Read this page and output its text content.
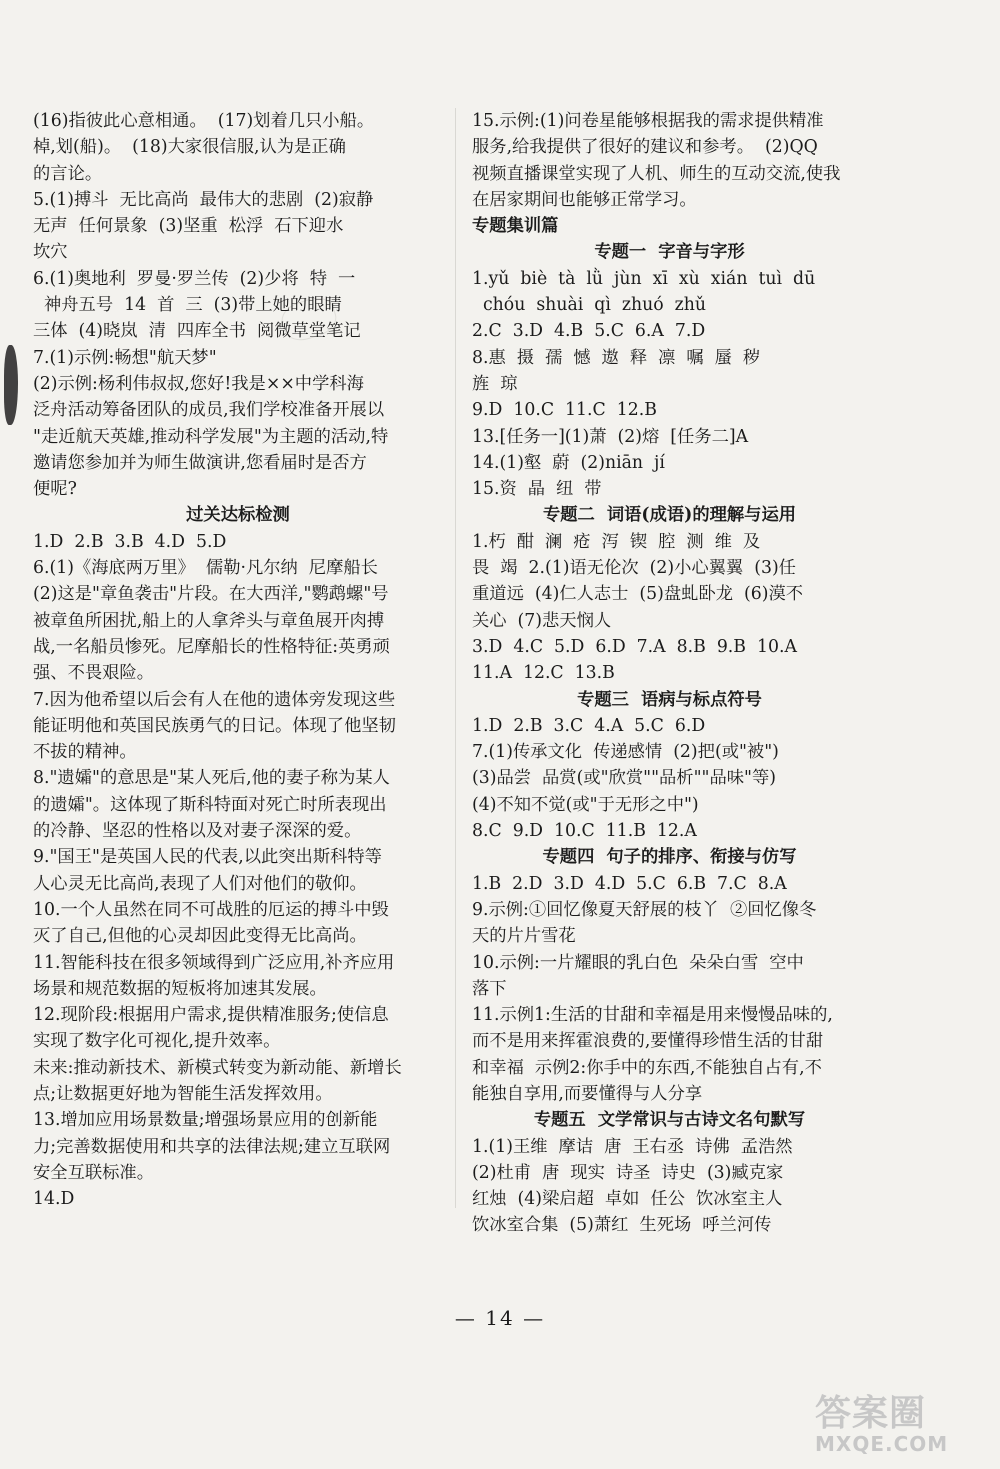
(16)指彼此心意相通。  (17)划着几只小船。
棹,划(船)。  (18)大家很信服,认为是正确
的言论。
5.(1)搏斗  无比高尚  最伟大的悲剧  (2)寂静
无声  任何景象  (3)坚重  松浮  石下迎水
坎穴
6.(1)奥地利  罗曼·罗兰传  (2)少将  特  一
神舟五号  14  首  三  (3)带上她的眼睛
三体  (4)晓岚  清  四库全书  阅微草堂笔记
7.(1)示例:畅想"航天梦"
(2)示例:杨利伟叔叔,您好!我是××中学科海
泛舟活动筹备团队的成员,我们学校准备开展以
"走近航天英雄,推动科学发展"为主题的活动,特
邀请您参加并为师生做演讲,您看届时是否方
便呢?
过关达标检测
1.D  2.B  3.B  4.D  5.D
6.(1)《海底两万里》  儒勒·凡尔纳  尼摩船长
(2)这是"章鱼袭击"片段。在大西洋,"鹦鹉螺"号
被章鱼所困扰,船上的人拿斧头与章鱼展开肉搏
战,一名船员惨死。尼摩船长的性格特征:英勇顽
强、不畏艰险。
7.因为他希望以后会有人在他的遗体旁发现这些
能证明他和英国民族勇气的日记。体现了他坚韧
不拔的精神。
8."遗孀"的意思是"某人死后,他的妻子称为某人
的遗孀"。这体现了斯科特面对死亡时所表现出
的冷静、坚忍的性格以及对妻子深深的爱。
9."国王"是英国人民的代表,以此突出斯科特等
人心灵无比高尚,表现了人们对他们的敬仰。
10.一个人虽然在同不可战胜的厄运的搏斗中毁
灭了自己,但他的心灵却因此变得无比高尚。
11.智能科技在很多领域得到广泛应用,补齐应用
场景和规范数据的短板将加速其发展。
12.现阶段:根据用户需求,提供精准服务;使信息
实现了数字化可视化,提升效率。
未来:推动新技术、新模式转变为新动能、新增长
点;让数据更好地为智能生活发挥效用。
13.增加应用场景数量;增强场景应用的创新能
力;完善数据使用和共享的法律法规;建立互联网
安全互联标准。
14.D
15.示例:(1)问卷星能够根据我的需求提供精准
服务,给我提供了很好的建议和参考。  (2)QQ
视频直播课堂实现了人机、师生的互动交流,使我
在居家期间也能够正常学习。
专题集训篇
专题一  字音与字形
1.yǔ  biè  tà  lǜ  jùn  xī  xù  xián  tuì  dū
chóu  shuài  qì  zhuó  zhǔ
2.C  3.D  4.B  5.C  6.A  7.D
8.惠  摄  孺  憾  遨  释  凛  嘱  蜃  秽
旌  琼
9.D  10.C  11.C  12.B
13.[任务一](1)萧  (2)熔  [任务二]A
14.(1)壑  蔚  (2)niān  jí
15.资  晶  纽  带
专题二  词语(成语)的理解与运用
1.朽  酣  澜  疮  泻  锲  腔  测  维  及
畏  竭  2.(1)语无伦次  (2)小心翼翼  (3)任
重道远  (4)仁人志士  (5)盘虬卧龙  (6)漠不
关心  (7)悲天悯人
3.D  4.C  5.D  6.D  7.A  8.B  9.B  10.A
11.A  12.C  13.B
专题三  语病与标点符号
1.D  2.B  3.C  4.A  5.C  6.D
7.(1)传承文化  传递感情  (2)把(或"被")
(3)品尝  品赏(或"欣赏""品析""品味"等)
(4)不知不觉(或"于无形之中")
8.C  9.D  10.C  11.B  12.A
专题四  句子的排序、衔接与仿写
1.B  2.D  3.D  4.D  5.C  6.B  7.C  8.A
9.示例:①回忆像夏天舒展的枝丫  ②回忆像冬
天的片片雪花
10.示例:一片耀眼的乳白色  朵朵白雪  空中
落下
11.示例1:生活的甘甜和幸福是用来慢慢品味的,
而不是用来挥霍浪费的,要懂得珍惜生活的甘甜
和幸福  示例2:你手中的东西,不能独自占有,不
能独自享用,而要懂得与人分享
专题五  文学常识与古诗文名句默写
1.(1)王维  摩诘  唐  王右丞  诗佛  孟浩然
(2)杜甫  唐  现实  诗圣  诗史  (3)臧克家
红烛  (4)梁启超  卓如  任公  饮冰室主人
饮冰室合集  (5)萧红  生死场  呼兰河传
— 14 —
答案圈
MXQE.COM
